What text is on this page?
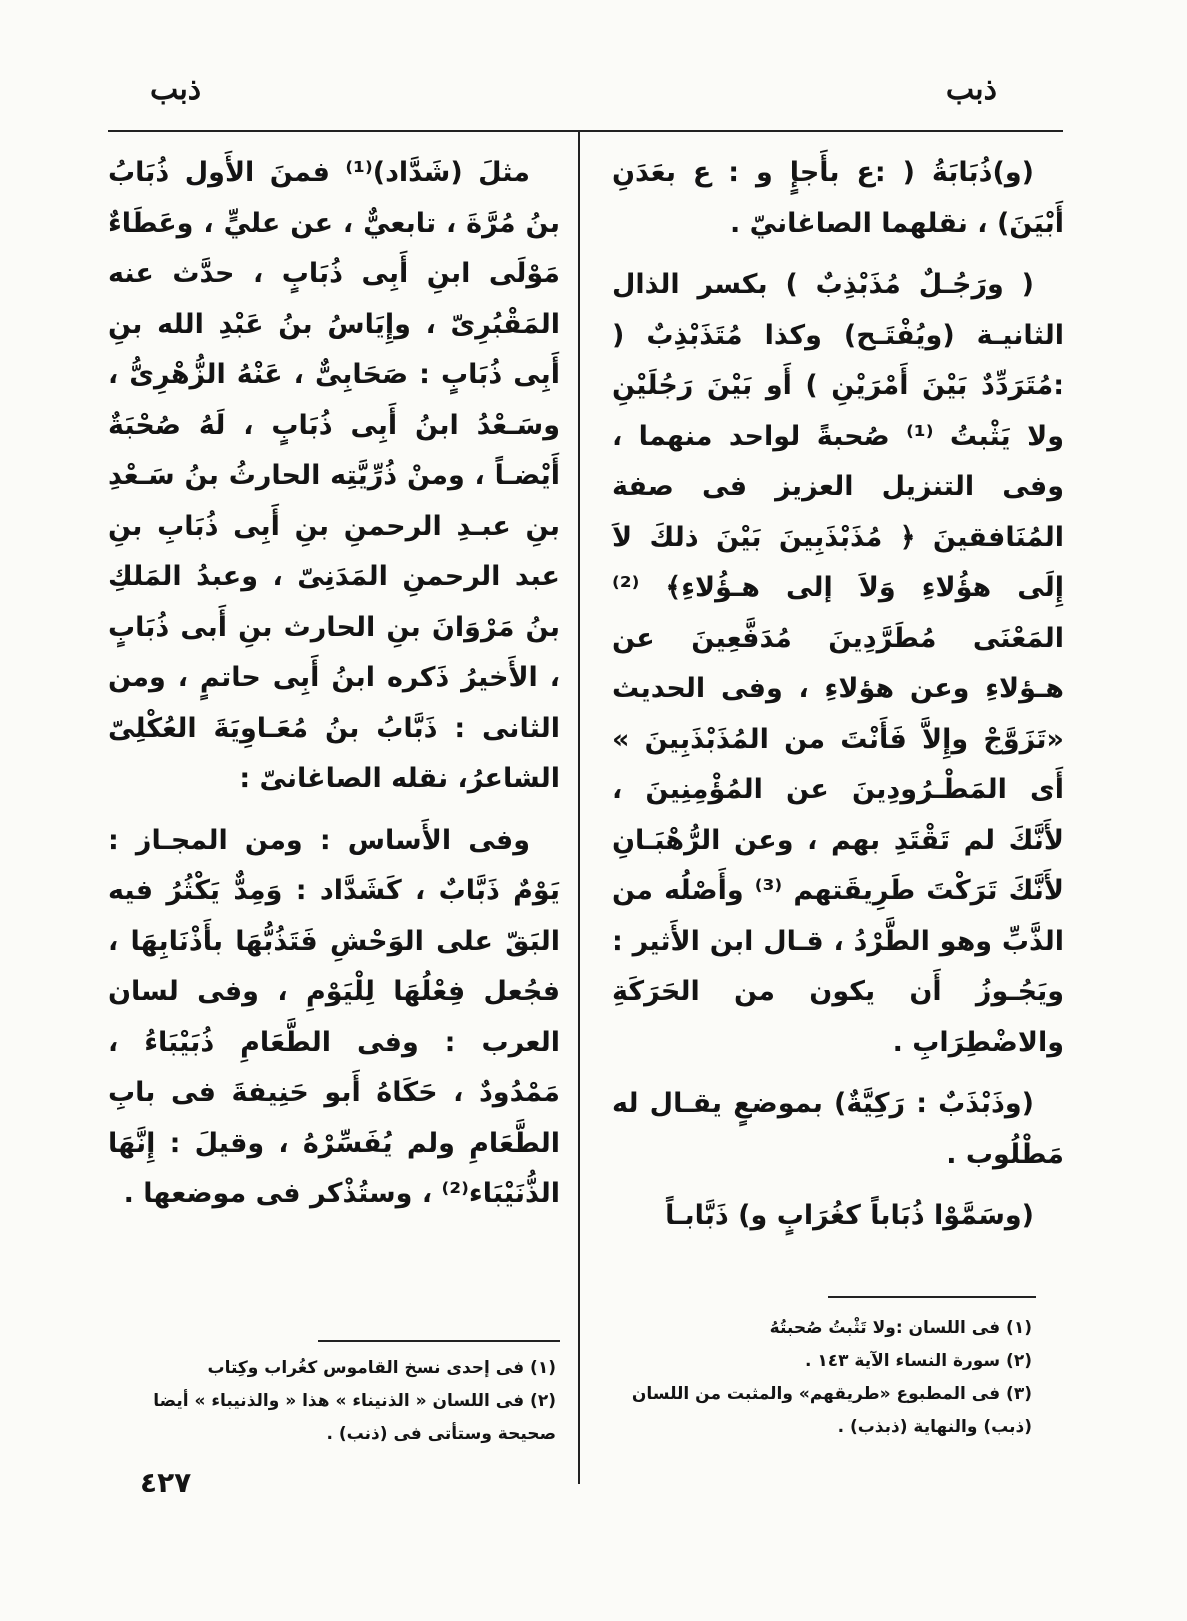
ذبب
ذبب

(و)ذُبَابَةُ ( :ع بأَجإٍ و : ع بعَدَنِ أَبْيَنَ) ، نقلهما الصاغانيّ .

( ورَجُـلٌ مُذَبْذِبٌ ) بكسر الذال الثانيـة (ويُفْتَـح) وكذا مُتَذَبْذِبٌ ( :مُتَرَدِّدٌ بَيْنَ أَمْرَيْنِ ) أَو بَيْنَ رَجُلَيْنِ ولا يَثْبتُ ⁽¹⁾ صُحبةً لواحد منهما ، وفى التنزيل العزيز فى صفة المُنَافقينَ ﴿ مُذَبْذَبِينَ بَيْنَ ذلكَ لاَ إِلَى هؤُلاءِ وَلاَ إلى هـؤُلاءِ﴾ ⁽²⁾ المَعْنَى مُطَرَّدِينَ مُدَفَّعِينَ عن هـؤلاءِ وعن هؤلاءِ ، وفى الحديث «تَزَوَّجْ وإِلاَّ فَأَنْتَ من المُذَبْذَبِينَ » أَى المَطْـرُودِينَ عن المُؤْمِنِينَ ، لأَنَّكَ لم تَقْتَدِ بهم ، وعن الرُّهْبَـانِ لأَنَّكَ تَرَكْتَ طَرِيقَتهم ⁽³⁾ وأَصْلُه من الذَّبِّ وهو الطَّرْدُ ، قـال ابن الأَثير : ويَجُـوزُ أَن يكون من الحَرَكَةِ والاضْطِرَابِ .

(وذَبْذَبٌ : رَكِيَّةٌ) بموضعٍ يقـال له مَطْلُوب .

(وسَمَّوْا ذُبَاباً كغُرَابٍ و) ذَبَّابـاً

مثلَ (شَدَّاد)⁽¹⁾ فمنَ الأَول ذُبَابُ بنُ مُرَّةَ ، تابعيٌّ ، عن عليٍّ ، وعَطَاءٌ مَوْلَى ابنِ أَبِى ذُبَابٍ ، حدَّث عنه المَقْبُرِىّ ، وإِيَاسُ بنُ عَبْدِ الله بنِ أَبِى ذُبَابٍ : صَحَابِىٌّ ، عَنْهُ الزُّهْرِىُّ ، وسَـعْدُ ابنُ أَبِى ذُبَابٍ ، لَهُ صُحْبَةٌ أَيْضـاً ، ومنْ ذُرِّيَّتِه الحارثُ بنُ سَـعْدِ بنِ عبـدِ الرحمنِ بنِ أَبِى ذُبَابِ بنِ عبد الرحمنِ المَدَنِىّ ، وعبدُ المَلكِ بنُ مَرْوَانَ بنِ الحارث بنِ أَبى ذُبَابٍ ، الأَخيرُ ذَكره ابنُ أَبِى حاتمٍ ، ومن الثانى : ذَبَّابُ بنُ مُعَـاوِيَةَ العُكْلِىّ الشاعرُ، نقله الصاغانىّ :

وفى الأَساس : ومن المجـاز : يَوْمٌ ذَبَّابٌ ، كَشَدَّاد : وَمِدٌّ يَكْثُرُ فيه البَقّ على الوَحْشِ فَتَذُبُّهَا بأَذْنَابِهَا ، فجُعل فِعْلُهَا لِلْيَوْمِ ، وفى لسان العرب : وفى الطَّعَامِ ذُبَيْبَاءُ ، مَمْدُودٌ ، حَكَاهُ أَبو حَنِيفةَ فى بابِ الطَّعَامِ ولم يُفَسِّرْهُ ، وقيلَ : إِنَّهَا الذُّنَيْبَاء⁽²⁾ ، وستُذْكر فى موضعها .

(١) فى اللسان :ولا تَثْبتُ صُحبتُهُ
(٢) سورة النساء الآية ١٤٣ .
(٣) فى المطبوع «طريقهم» والمثبت من اللسان (ذبب) والنهاية (ذبذب) .
(١) فى إحدى نسخ القاموس كغُراب وكِتاب
(٢) فى اللسان « الذنيناء » هذا « والذنيباء » أيضا صحيحة وستأتى فى (ذنب) .
٤٢٧
